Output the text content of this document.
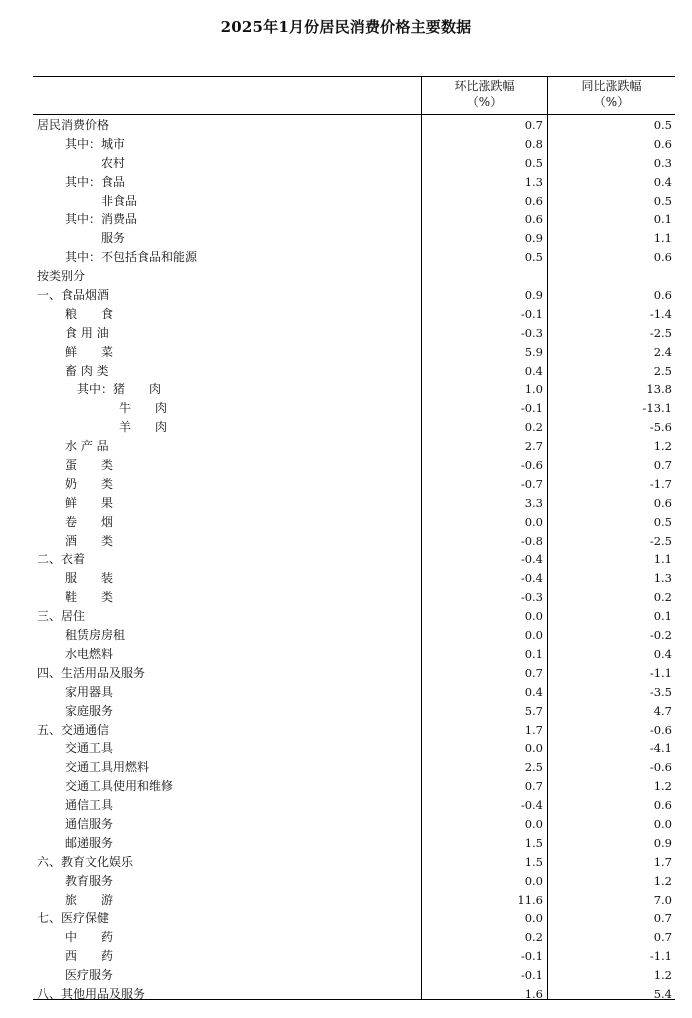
2025年1月份居民消费价格主要数据
环比涨跌幅
（%）
同比涨跌幅
（%）
居民消费价格	0.7	0.5
其中：城市	0.8	0.6
农村	0.5	0.3
其中：食品	1.3	0.4
非食品	0.6	0.5
其中：消费品	0.6	0.1
服务	0.9	1.1
其中：不包括食品和能源	0.5	0.6
按类别分
一、食品烟酒	0.9	0.6
粮　　食	-0.1	-1.4
食 用 油	-0.3	-2.5
鲜　　菜	5.9	2.4
畜 肉 类	0.4	2.5
其中：猪　　肉	1.0	13.8
牛　　肉	-0.1	-13.1
羊　　肉	0.2	-5.6
水 产 品	2.7	1.2
蛋　　类	-0.6	0.7
奶　　类	-0.7	-1.7
鲜　　果	3.3	0.6
卷　　烟	0.0	0.5
酒　　类	-0.8	-2.5
二、衣着	-0.4	1.1
服　　装	-0.4	1.3
鞋　　类	-0.3	0.2
三、居住	0.0	0.1
租赁房房租	0.0	-0.2
水电燃料	0.1	0.4
四、生活用品及服务	0.7	-1.1
家用器具	0.4	-3.5
家庭服务	5.7	4.7
五、交通通信	1.7	-0.6
交通工具	0.0	-4.1
交通工具用燃料	2.5	-0.6
交通工具使用和维修	0.7	1.2
通信工具	-0.4	0.6
通信服务	0.0	0.0
邮递服务	1.5	0.9
六、教育文化娱乐	1.5	1.7
教育服务	0.0	1.2
旅　　游	11.6	7.0
七、医疗保健	0.0	0.7
中　　药	0.2	0.7
西　　药	-0.1	-1.1
医疗服务	-0.1	1.2
八、其他用品及服务	1.6	5.4
